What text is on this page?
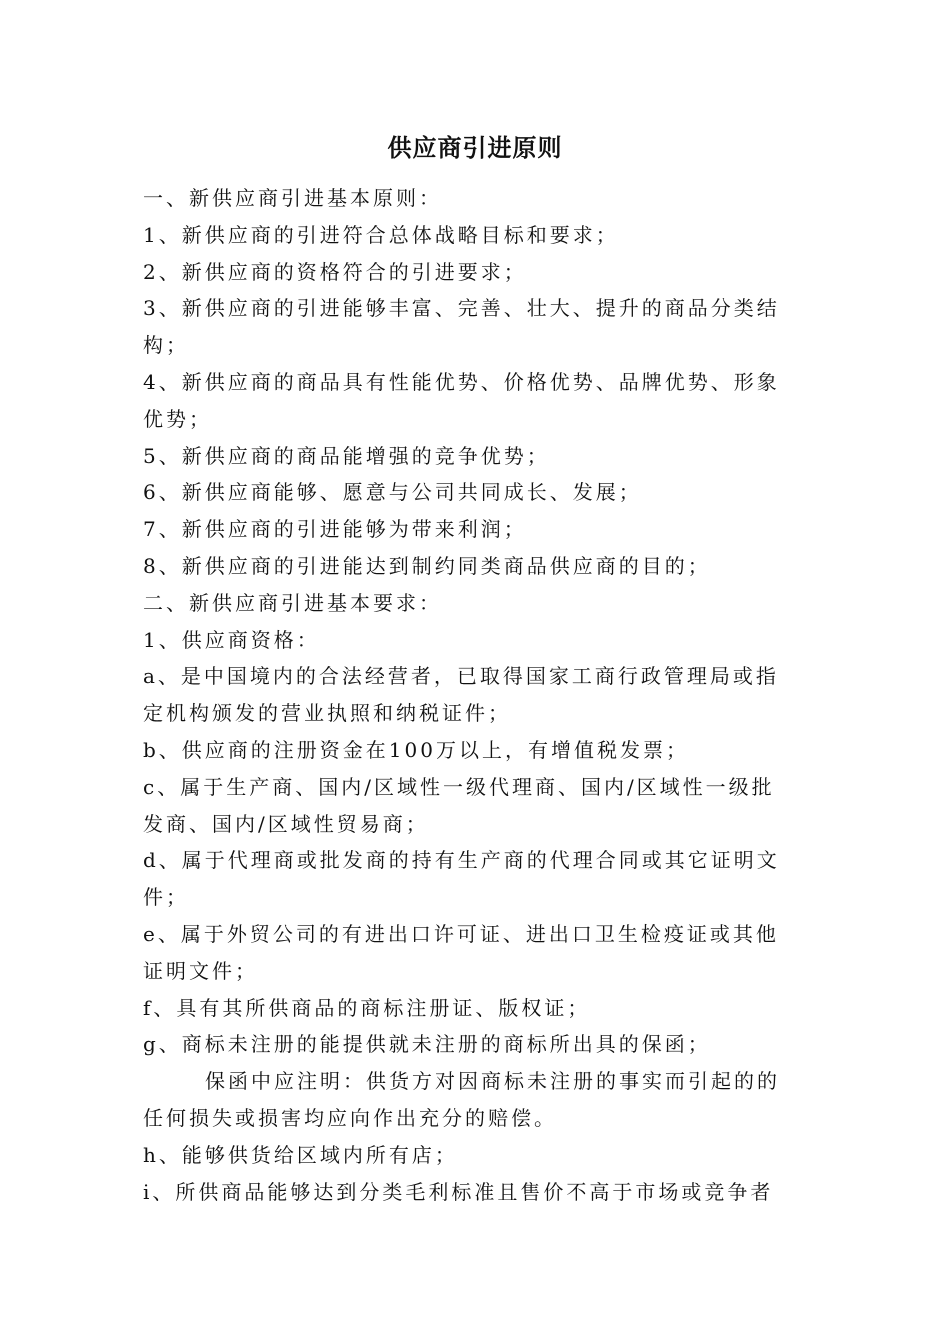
供应商引进原则
一、新供应商引进基本原则：
1、新供应商的引进符合总体战略目标和要求；
2、新供应商的资格符合的引进要求；
3、新供应商的引进能够丰富、完善、壮大、提升的商品分类结
构；
4、新供应商的商品具有性能优势、价格优势、品牌优势、形象
优势；
5、新供应商的商品能增强的竞争优势；
6、新供应商能够、愿意与公司共同成长、发展；
7、新供应商的引进能够为带来利润；
8、新供应商的引进能达到制约同类商品供应商的目的；
二、新供应商引进基本要求：
1、供应商资格：
a、是中国境内的合法经营者，已取得国家工商行政管理局或指
定机构颁发的营业执照和纳税证件；
b、供应商的注册资金在100万以上，有增值税发票；
c、属于生产商、国内/区域性一级代理商、国内/区域性一级批
发商、国内/区域性贸易商；
d、属于代理商或批发商的持有生产商的代理合同或其它证明文
件；
e、属于外贸公司的有进出口许可证、进出口卫生检疫证或其他
证明文件；
f、具有其所供商品的商标注册证、版权证；
g、商标未注册的能提供就未注册的商标所出具的保函；
保函中应注明：供货方对因商标未注册的事实而引起的的
任何损失或损害均应向作出充分的赔偿。
h、能够供货给区域内所有店；
i、所供商品能够达到分类毛利标准且售价不高于市场或竞争者
